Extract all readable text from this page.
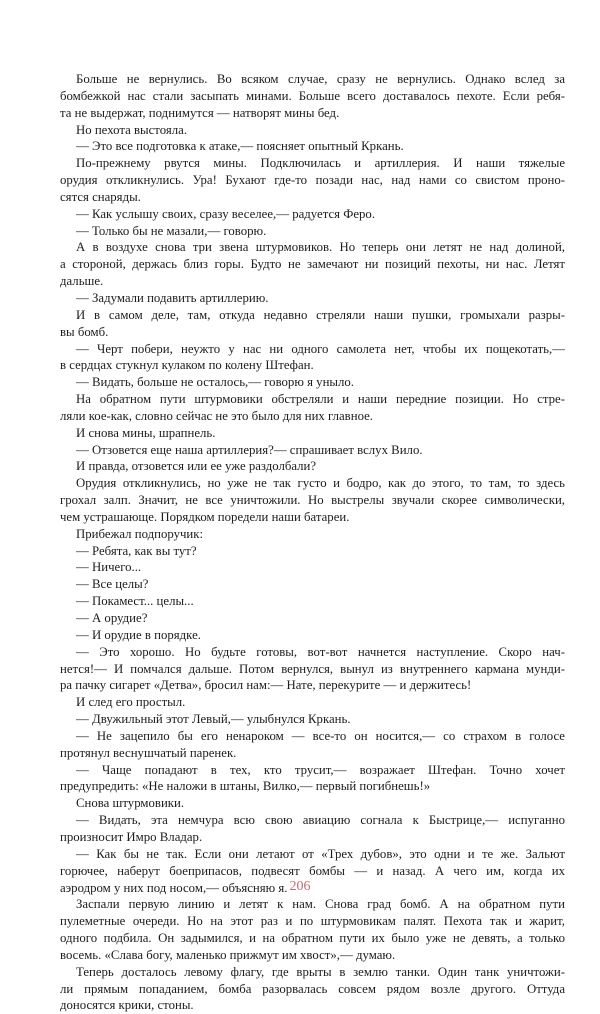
Больше не вернулись. Во всяком случае, сразу не вернулись. Однако вслед за
бомбежкой нас стали засыпать минами. Больше всего доставалось пехоте. Если ребя-
та не выдержат, поднимутся — натворят мины бед.
Но пехота выстояла.
— Это все подготовка к атаке,— поясняет опытный Кркань.
По-прежнему рвутся мины. Подключилась и артиллерия. И наши тяжелые
орудия откликнулись. Ура! Бухают где-то позади нас, над нами со свистом проно-
сятся снаряды.
— Как услышу своих, сразу веселее,— радуется Феро.
— Только бы не мазали,— говорю.
А в воздухе снова три звена штурмовиков. Но теперь они летят не над долиной,
а стороной, держась близ горы. Будто не замечают ни позиций пехоты, ни нас. Летят
дальше.
— Задумали подавить артиллерию.
И в самом деле, там, откуда недавно стреляли наши пушки, громыхали разры-
вы бомб.
— Черт побери, неужто у нас ни одного самолета нет, чтобы их пощекотать,—
в сердцах стукнул кулаком по колену Штефан.
— Видать, больше не осталось,— говорю я уныло.
На обратном пути штурмовики обстреляли и наши передние позиции. Но стре-
ляли кое-как, словно сейчас не это было для них главное.
И снова мины, шрапнель.
— Отзовется еще наша артиллерия?— спрашивает вслух Вило.
И правда, отзовется или ее уже раздолбали?
Орудия откликнулись, но уже не так густо и бодро, как до этого, то там, то здесь
грохал залп. Значит, не все уничтожили. Но выстрелы звучали скорее символически,
чем устрашающе. Порядком поредели наши батареи.
Прибежал подпоручик:
— Ребята, как вы тут?
— Ничего...
— Все целы?
— Покамест... целы...
— А орудие?
— И орудие в порядке.
— Это хорошо. Но будьте готовы, вот-вот начнется наступление. Скоро нач-
нется!— И помчался дальше. Потом вернулся, вынул из внутреннего кармана мунди-
ра пачку сигарет «Детва», бросил нам:— Нате, перекурите — и держитесь!
И след его простыл.
— Двужильный этот Левый,— улыбнулся Кркань.
— Не зацепило бы его ненароком — все-то он носится,— со страхом в голосе
протянул веснушчатый паренек.
— Чаще попадают в тех, кто трусит,— возражает Штефан. Точно хочет
предупредить: «Не наложи в штаны, Вилко,— первый погибнешь!»
Снова штурмовики.
— Видать, эта немчура всю свою авиацию согнала к Быстрице,— испуганно
произносит Имро Владар.
— Как бы не так. Если они летают от «Трех дубов», это одни и те же. Зальют
горючее, наберут боеприпасов, подвесят бомбы — и назад. А чего им, когда их
аэродром у них под носом,— объясняю я.
Заспали первую линию и летят к нам. Снова град бомб. А на обратном пути
пулеметные очереди. Но на этот раз и по штурмовикам палят. Пехота так и жарит,
одного подбила. Он задымился, и на обратном пути их было уже не девять, а только
восемь. «Слава богу, маленько прижмут им хвост»,— думаю.
Теперь досталось левому флагу, где врыты в землю танки. Один танк уничтожи-
ли прямым попаданием, бомба разорвалась совсем рядом возле другого. Оттуда
доносятся крики, стоны.
206
